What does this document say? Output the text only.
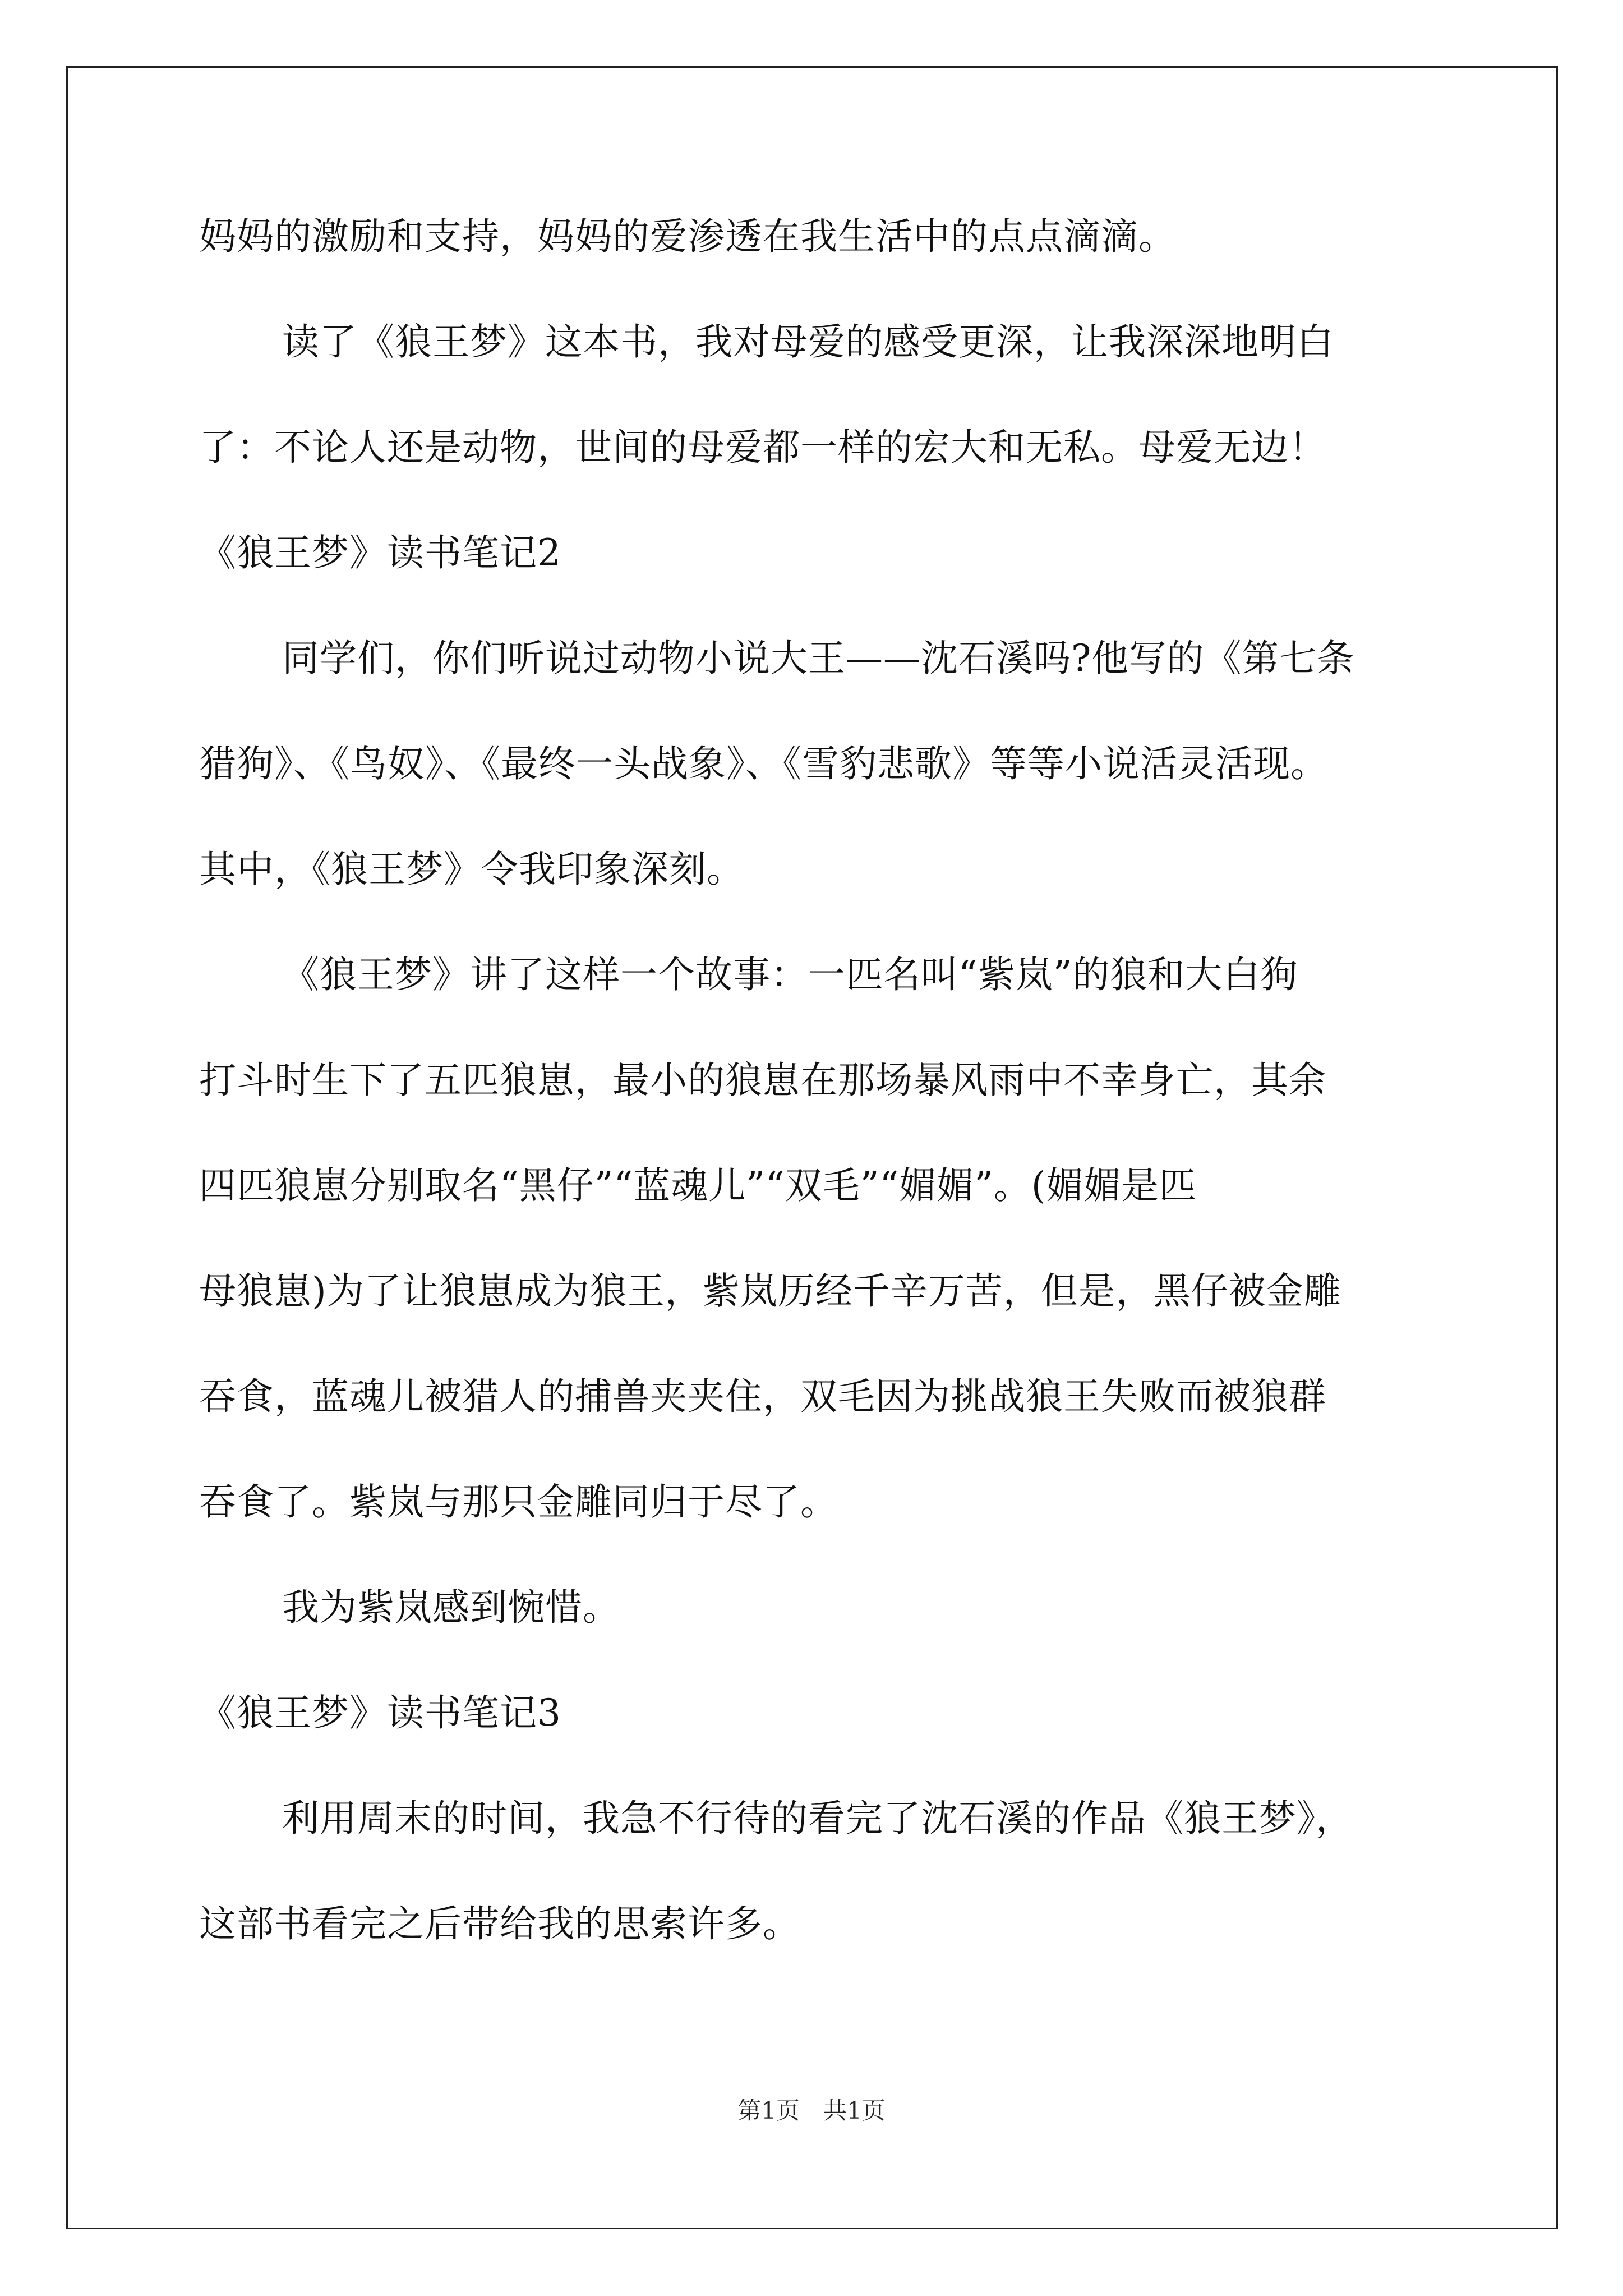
妈妈的激励和支持，妈妈的爱渗透在我生活中的点点滴滴。
读了《狼王梦》这本书，我对母爱的感受更深，让我深深地明白
了：不论人还是动物，世间的母爱都一样的宏大和无私。母爱无边！
《狼王梦》读书笔记2
同学们，你们听说过动物小说大王——沈石溪吗?他写的《第七条
猎狗》、《鸟奴》、《最终一头战象》、《雪豹悲歌》等等小说活灵活现。
其中，《狼王梦》令我印象深刻。
《狼王梦》讲了这样一个故事：一匹名叫“紫岚”的狼和大白狗
打斗时生下了五匹狼崽，最小的狼崽在那场暴风雨中不幸身亡，其余
四匹狼崽分别取名“黑仔”“蓝魂儿”“双毛”“媚媚”。(媚媚是匹
母狼崽)为了让狼崽成为狼王，紫岚历经千辛万苦，但是，黑仔被金雕
吞食，蓝魂儿被猎人的捕兽夹夹住，双毛因为挑战狼王失败而被狼群
吞食了。紫岚与那只金雕同归于尽了。
我为紫岚感到惋惜。
《狼王梦》读书笔记3
利用周末的时间，我急不行待的看完了沈石溪的作品《狼王梦》，
这部书看完之后带给我的思索许多。
第1页　共1页
